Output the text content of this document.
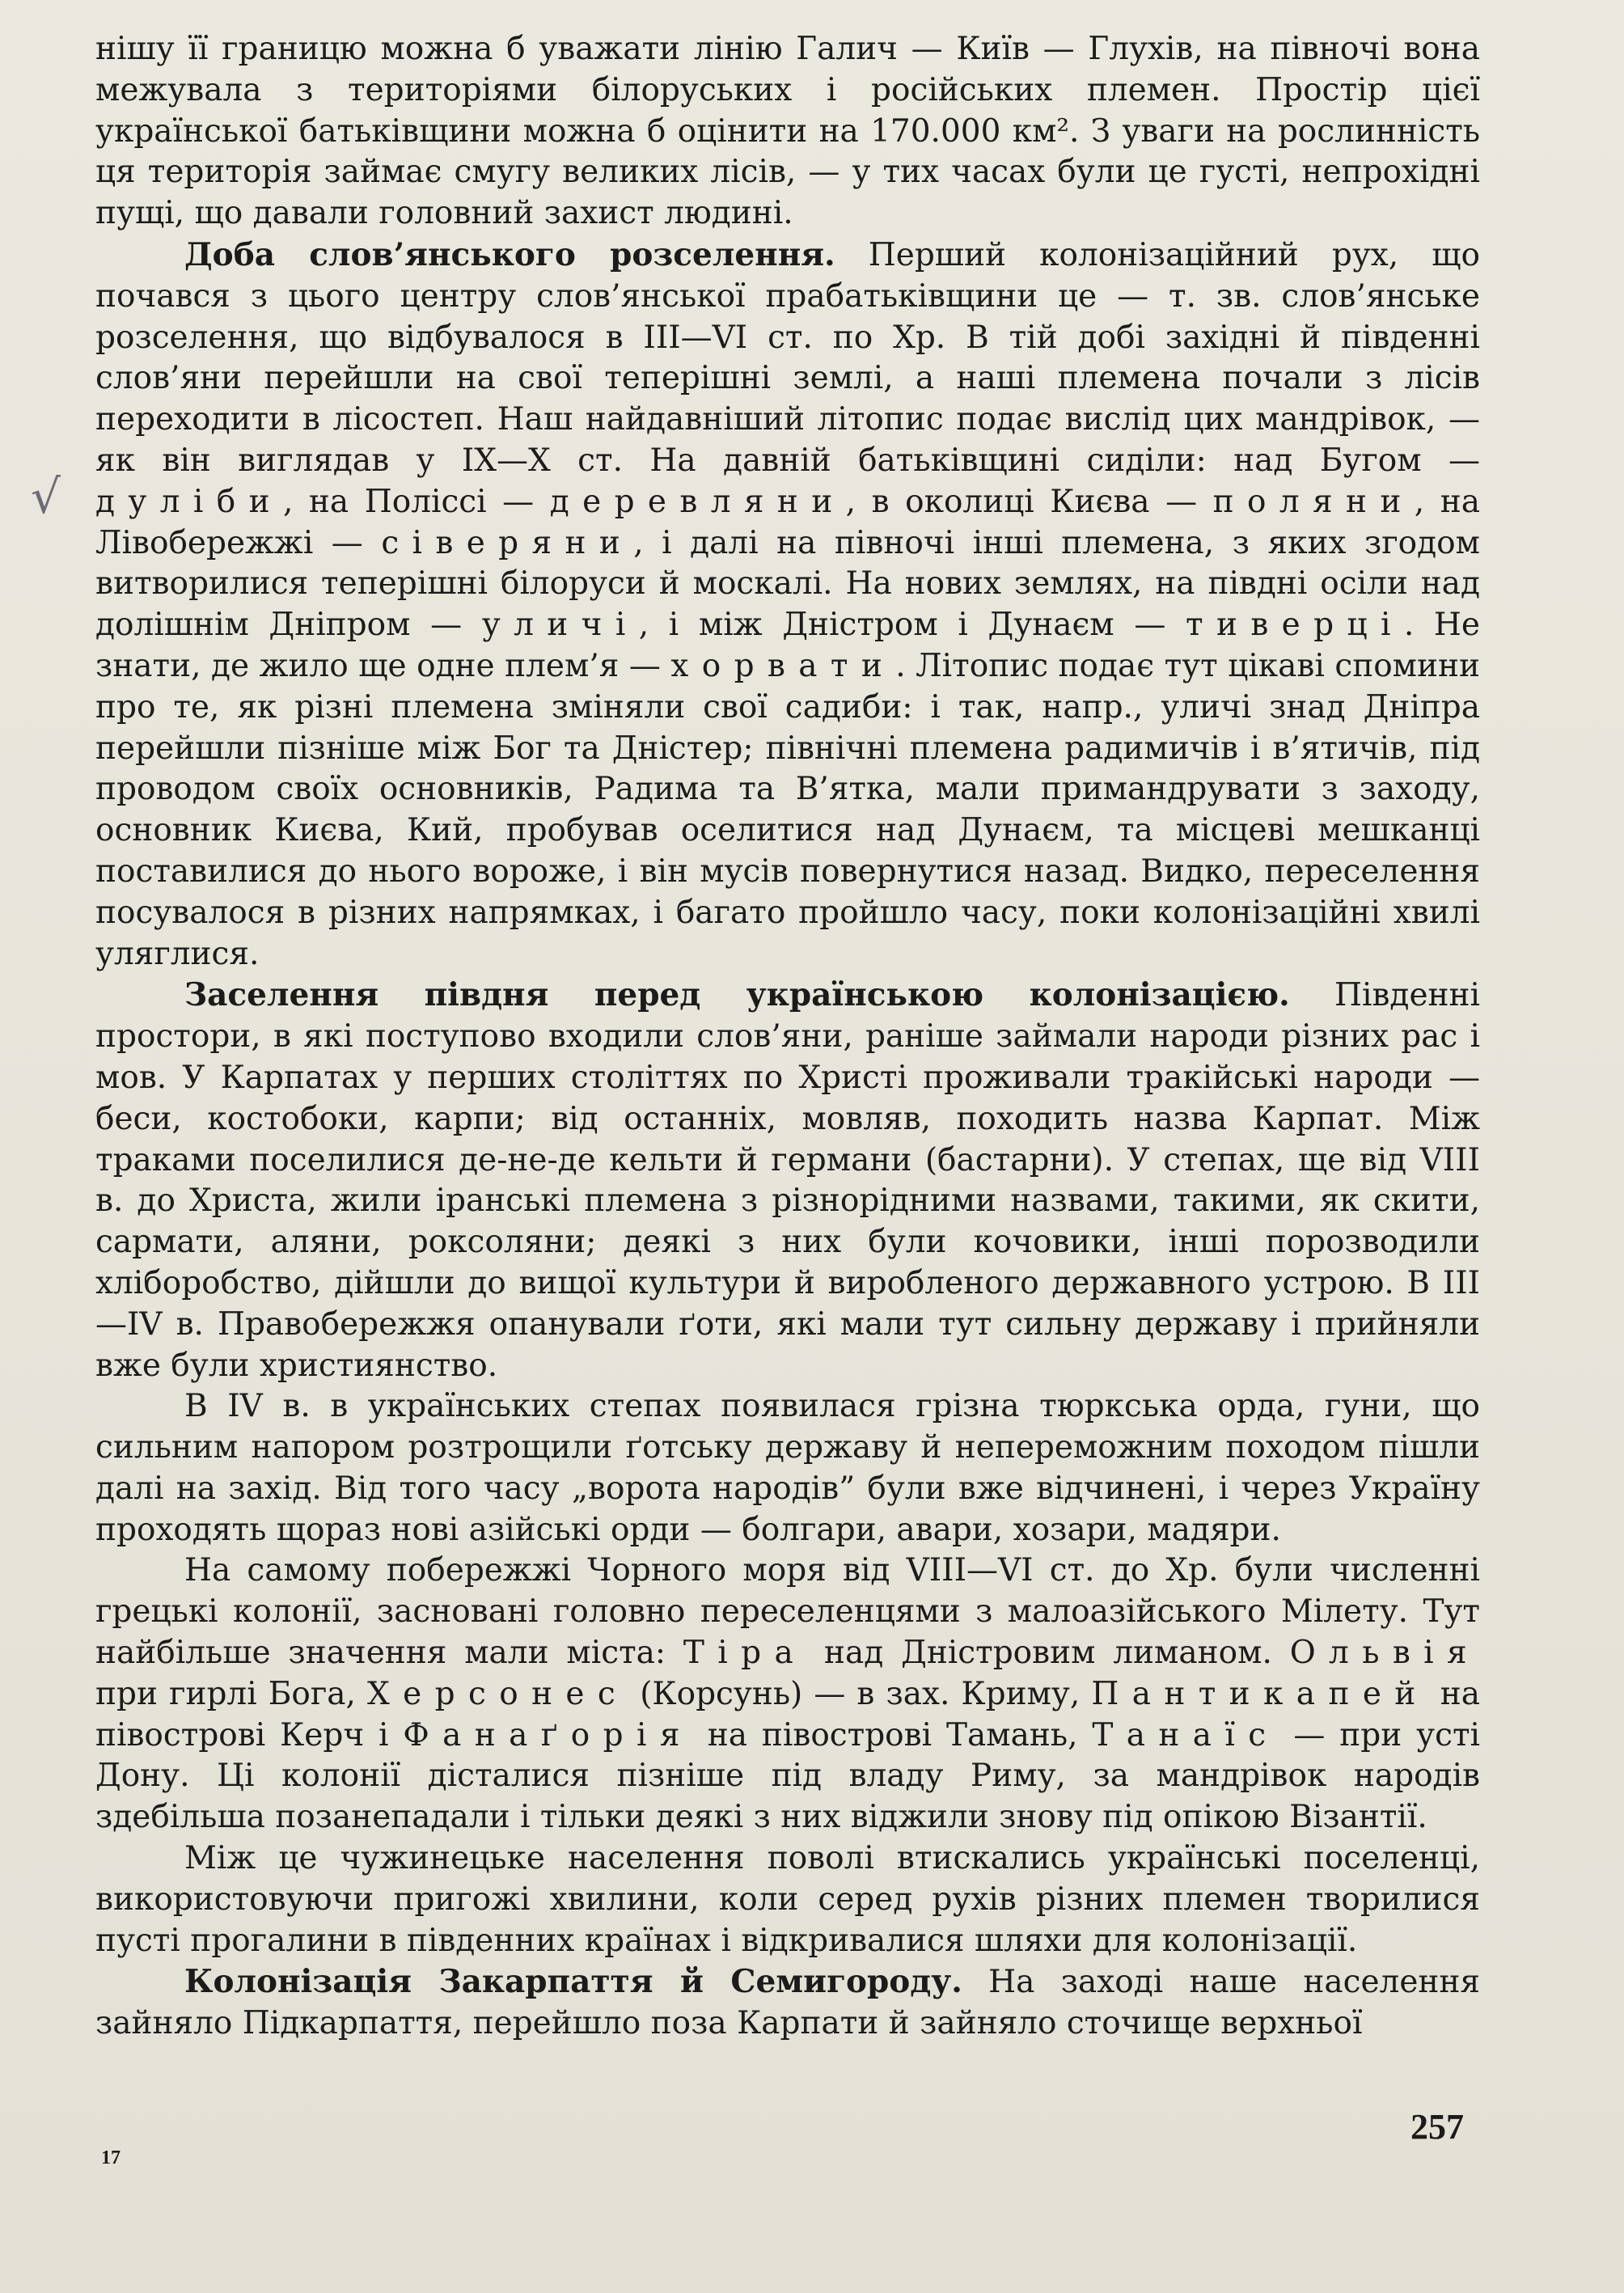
√

нішу її границю можна б уважати лінію Галич — Київ — Глухів, на півночі вона межувала з територіями білоруських і російських племен. Простір цієї української батьківщини можна б оцінити на 170.000 км². З уваги на рослинність ця територія займає смугу великих лісів, — у тих часах були це густі, непрохідні пущі, що давали головний захист людині.

Доба слов’янського розселення. Перший колонізаційний рух, що почався з цього центру слов’янської прабатьківщини це — т. зв. слов’янське розселення, що відбувалося в III—VI ст. по Хр. В тій добі західні й південні слов’яни перейшли на свої теперішні землі, а наші племена почали з лісів переходити в лісостеп. Наш найдавніший літопис подає вислід цих мандрівок, — як він виглядав у IX—X ст. На давній батьківщині сиділи: над Бугом — дуліби, на Поліссі — деревляни, в околиці Києва — поляни, на Лівобережжі — сіверяни, і далі на півночі інші племена, з яких згодом витворилися теперішні білоруси й москалі. На нових землях, на півдні осіли над долішнім Дніпром — уличі, і між Дністром і Дунаєм — тиверці. Не знати, де жило ще одне плем’я — хорвати. Літопис подає тут цікаві спомини про те, як різні племена зміняли свої садиби: і так, напр., уличі знад Дніпра перейшли пізніше між Бог та Дністер; північні племена радимичів і в’ятичів, під проводом своїх основників, Радима та В’ятка, мали примандрувати з заходу, основник Києва, Кий, пробував оселитися над Дунаєм, та місцеві мешканці поставилися до нього вороже, і він мусів повернутися назад. Видко, переселення посувалося в різних напрямках, і багато пройшло часу, поки колонізаційні хвилі уляглися.

Заселення півдня перед українською колонізацією. Південні простори, в які поступово входили слов’яни, раніше займали народи різних рас і мов. У Карпатах у перших століттях по Христі проживали тракійські народи — беси, костобоки, карпи; від останніх, мовляв, походить назва Карпат. Між траками поселилися де-не-де кельти й германи (бастарни). У степах, ще від VIII в. до Христа, жили іранські племена з різнорідними назвами, такими, як скити, сармати, аляни, роксоляни; деякі з них були кочовики, інші порозводили хліборобство, дійшли до вищої культури й виробленого державного устрою. В III—IV в. Правобережжя опанували ґоти, які мали тут сильну державу і прийняли вже були християнство.

В IV в. в українських степах появилася грізна тюркська орда, гуни, що сильним напором розтрощили ґотську державу й непереможним походом пішли далі на захід. Від того часу „ворота народів” були вже відчинені, і через Україну проходять щораз нові азійські орди — болгари, авари, хозари, мадяри.

На самому побережжі Чорного моря від VIII—VI ст. до Хр. були численні грецькі колонії, засновані головно переселенцями з малоазійського Мілету. Тут найбільше значення мали міста: Тіра над Дністровим лиманом. Ольвія при гирлі Бога, Херсонес (Корсунь) — в зах. Криму, Пантикапей на півострові Керч і Фанаґорія на півострові Тамань, Танаїс — при усті Дону. Ці колонії дісталися пізніше під владу Риму, за мандрівок народів здебільша позанепадали і тільки деякі з них віджили знову під опікою Візантії.

Між це чужинецьке населення поволі втискались українські поселенці, використовуючи пригожі хвилини, коли серед рухів різних племен творилися пусті прогалини в південних країнах і відкривалися шляхи для колонізації.

Колонізація Закарпаття й Семигороду. На заході наше населення зайняло Підкарпаття, перейшло поза Карпати й зайняло сточище верхньої

17
257
